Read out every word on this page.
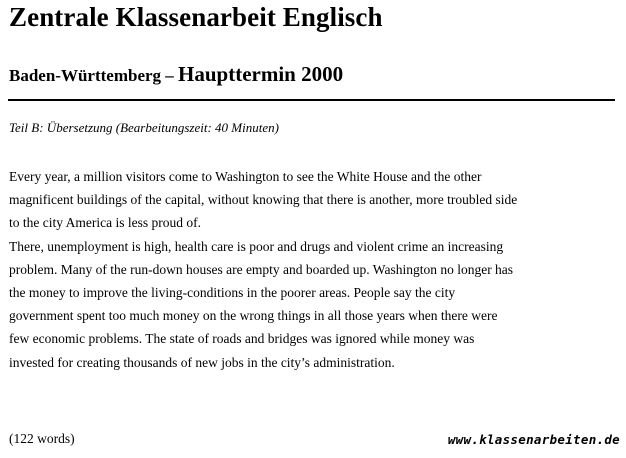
Zentrale Klassenarbeit Englisch
Baden-Württemberg – Haupttermin 2000

Teil B: Übersetzung (Bearbeitungszeit: 40 Minuten)

Every year, a million visitors come to Washington to see the White House and the other
magnificent buildings of the capital, without knowing that there is another, more troubled side
to the city America is less proud of.

There, unemployment is high, health care is poor and drugs and violent crime an increasing
problem. Many of the run-down houses are empty and boarded up. Washington no longer has
the money to improve the living-conditions in the poorer areas. People say the city
government spent too much money on the wrong things in all those years when there were
few economic problems. The state of roads and bridges was ignored while money was
invested for creating thousands of new jobs in the city’s administration.

(122 words)	www.klassenarbeiten.de
